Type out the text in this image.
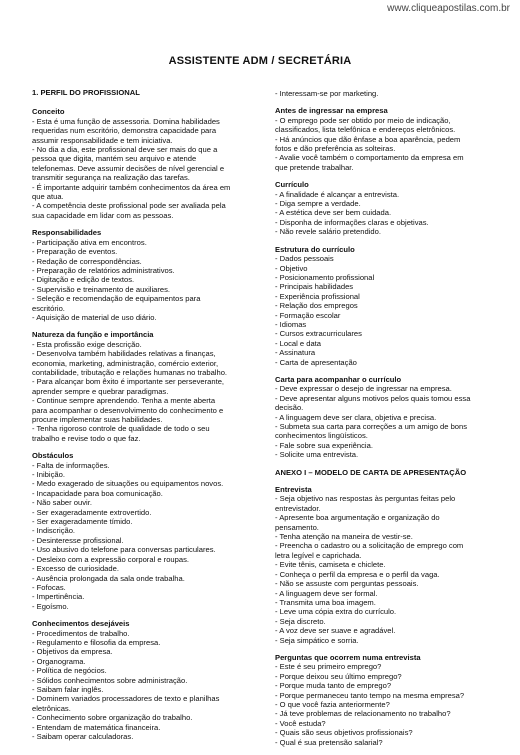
www.cliqueapostilas.com.br
ASSISTENTE ADM / SECRETÁRIA
1. PERFIL DO PROFISSIONAL
Conceito
- Esta é uma função de assessoria. Domina habilidades
requeridas num escritório, demonstra capacidade para
assumir responsabilidade e tem iniciativa.
- No dia a dia, este profissional deve ser mais do que a
pessoa que digita, mantém seu arquivo e atende
telefonemas. Deve assumir decisões de nível gerencial e
transmitir segurança na realização das tarefas.
- É importante adquirir também conhecimentos da área em
que atua.
- A competência deste profissional pode ser avaliada pela
sua capacidade em lidar com as pessoas.
Responsabilidades
- Participação ativa em encontros.
- Preparação de eventos.
- Redação de correspondências.
- Preparação de relatórios administrativos.
- Digitação e edição de textos.
- Supervisão e treinamento de auxiliares.
- Seleção e recomendação de equipamentos para
escritório.
- Aquisição de material de uso diário.
Natureza da função e importância
- Esta profissão exige descrição.
- Desenvolva também habilidades relativas a finanças,
economia, marketing, administração, comércio exterior,
contabilidade, tributação e relações humanas no trabalho.
- Para alcançar bom êxito é importante ser perseverante,
aprender sempre e quebrar paradigmas.
- Continue sempre aprendendo. Tenha a mente aberta
para acompanhar o desenvolvimento do conhecimento e
procure implementar suas habilidades.
- Tenha rigoroso controle de qualidade de todo o seu
trabalho e revise todo o que faz.
Obstáculos
- Falta de informações.
- Inibição.
- Medo exagerado de situações ou equipamentos novos.
- Incapacidade para boa comunicação.
- Não saber ouvir.
- Ser exageradamente extrovertido.
- Ser exageradamente tímido.
- Indiscrição.
- Desinteresse profissional.
- Uso abusivo do telefone para conversas particulares.
- Desleixo com a expressão corporal e roupas.
- Excesso de curiosidade.
- Ausência prolongada da sala onde trabalha.
- Fofocas.
- Impertinência.
- Egoísmo.
Conhecimentos desejáveis
- Procedimentos de trabalho.
- Regulamento e filosofia da empresa.
- Objetivos da empresa.
- Organograma.
- Política de negócios.
- Sólidos conhecimentos sobre administração.
- Saibam falar inglês.
- Dominem variados processadores de texto e planilhas
eletrônicas.
- Conhecimento sobre organização do trabalho.
- Entendam de matemática financeira.
- Saibam operar calculadoras.
- Interessam-se por marketing.
Antes de ingressar na empresa
- O emprego pode ser obtido por meio de indicação,
classificados, lista telefônica e endereços eletrônicos.
- Há anúncios que dão ênfase a boa aparência, pedem
fotos e dão preferência as solteiras.
- Avalie você também o comportamento da empresa em
que pretende trabalhar.
Currículo
- A finalidade é alcançar a entrevista.
- Diga sempre a verdade.
- A estética deve ser bem cuidada.
- Disponha de informações claras e objetivas.
- Não revele salário pretendido.
Estrutura do currículo
- Dados pessoais
- Objetivo
- Posicionamento profissional
- Principais habilidades
- Experiência profissional
- Relação dos empregos
- Formação escolar
- Idiomas
- Cursos extracurriculares
- Local e data
- Assinatura
- Carta de apresentação
Carta para acompanhar o currículo
- Deve expressar o desejo de ingressar na empresa.
- Deve apresentar alguns motivos pelos quais tomou essa
decisão.
- A linguagem deve ser clara, objetiva e precisa.
- Submeta sua carta para correções a um amigo de bons
conhecimentos lingüísticos.
- Fale sobre sua experiência.
- Solicite uma entrevista.
ANEXO I – MODELO DE CARTA DE APRESENTAÇÃO
Entrevista
- Seja objetivo nas respostas às perguntas feitas pelo
entrevistador.
- Apresente boa argumentação e organização do
pensamento.
- Tenha atenção na maneira de vestir-se.
- Preencha o cadastro ou a solicitação de emprego com
letra legível e caprichada.
- Evite tênis, camiseta e chiclete.
- Conheça o perfil da empresa e o perfil da vaga.
- Não se assuste com perguntas pessoais.
- A linguagem deve ser formal.
- Transmita uma boa imagem.
- Leve uma cópia extra do currículo.
- Seja discreto.
- A voz deve ser suave e agradável.
- Seja simpático e sorria.
Perguntas que ocorrem numa entrevista
- Este é seu primeiro emprego?
- Porque deixou seu último emprego?
- Porque muda tanto de emprego?
- Porque permaneceu tanto tempo na mesma empresa?
- O que você fazia anteriormente?
- Já teve problemas de relacionamento no trabalho?
- Você estuda?
- Quais são seus objetivos profissionais?
- Qual é sua pretensão salarial?
